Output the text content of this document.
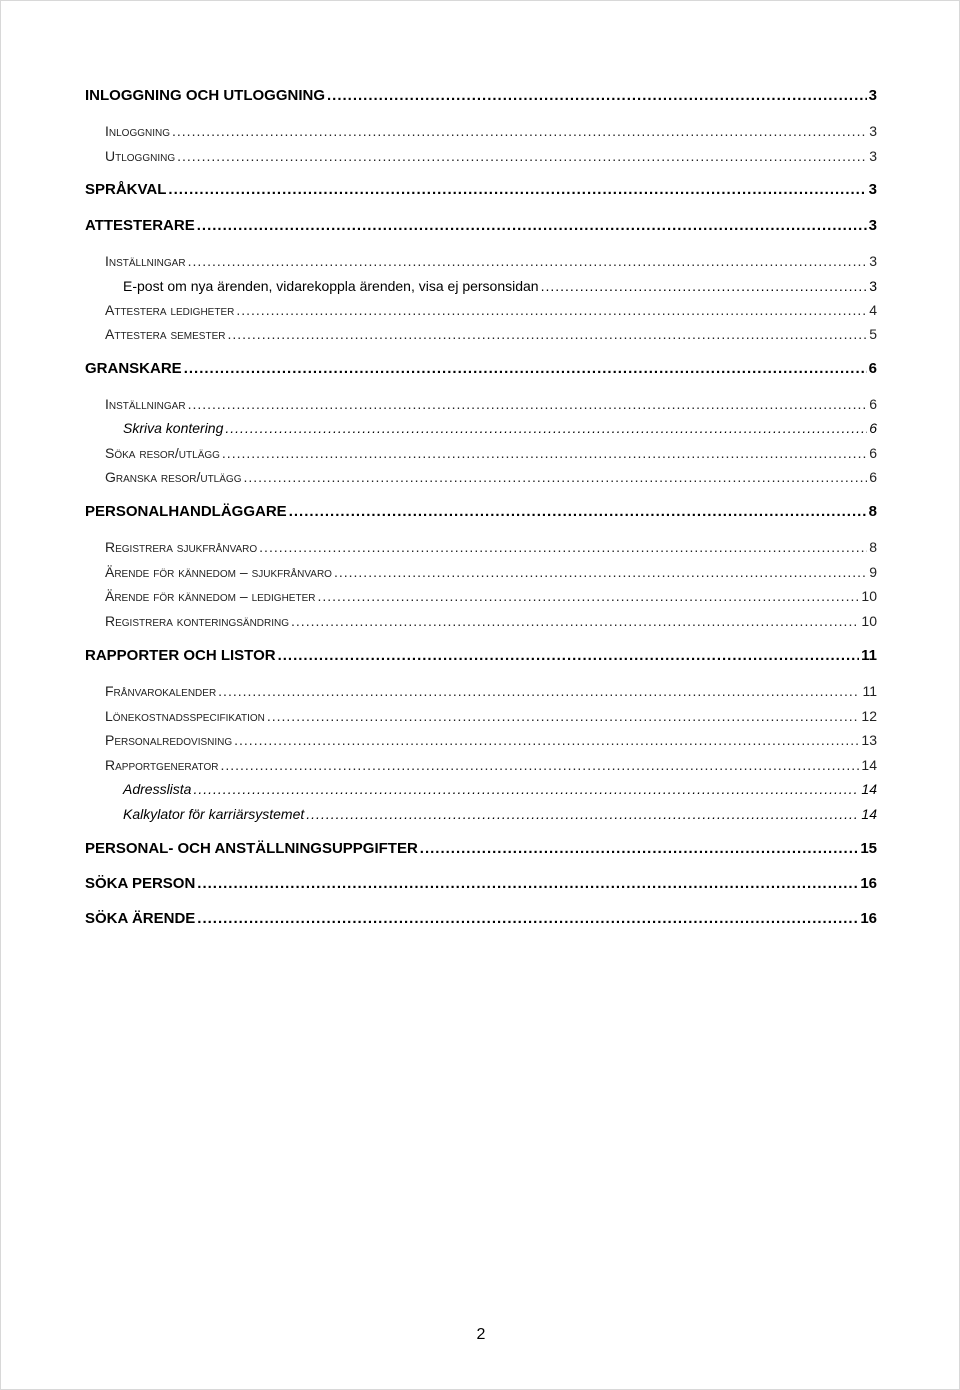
INLOGGNING OCH UTLOGGNING .....	3
Inloggning .....	3
Utloggning .....	3
SPRÅKVAL .....	3
ATTESTERARE .....	3
Inställningar .....	3
E-post om nya ärenden, vidarekoppla ärenden, visa ej personsidan .....	3
Attestera ledigheter .....	4
Attestera semester .....	5
GRANSKARE .....	6
Inställningar .....	6
Skriva kontering .....	6
Söka resor/utlägg .....	6
Granska resor/utlägg .....	6
PERSONALHANDLÄGGARE .....	8
Registrera sjukfrånvaro .....	8
Ärende för kännedom – sjukfrånvaro .....	9
Ärende för kännedom – ledigheter .....	10
Registrera konteringsändring .....	10
RAPPORTER OCH LISTOR .....	11
Frånvarokalender .....	11
Lönekostnadsspecifikation .....	12
Personalredovisning .....	13
Rapportgenerator .....	14
Adresslista .....	14
Kalkylator för karriärsystemet .....	14
PERSONAL- OCH ANSTÄLLNINGSUPPGIFTER .....	15
SÖKA PERSON .....	16
SÖKA ÄRENDE .....	16
2
